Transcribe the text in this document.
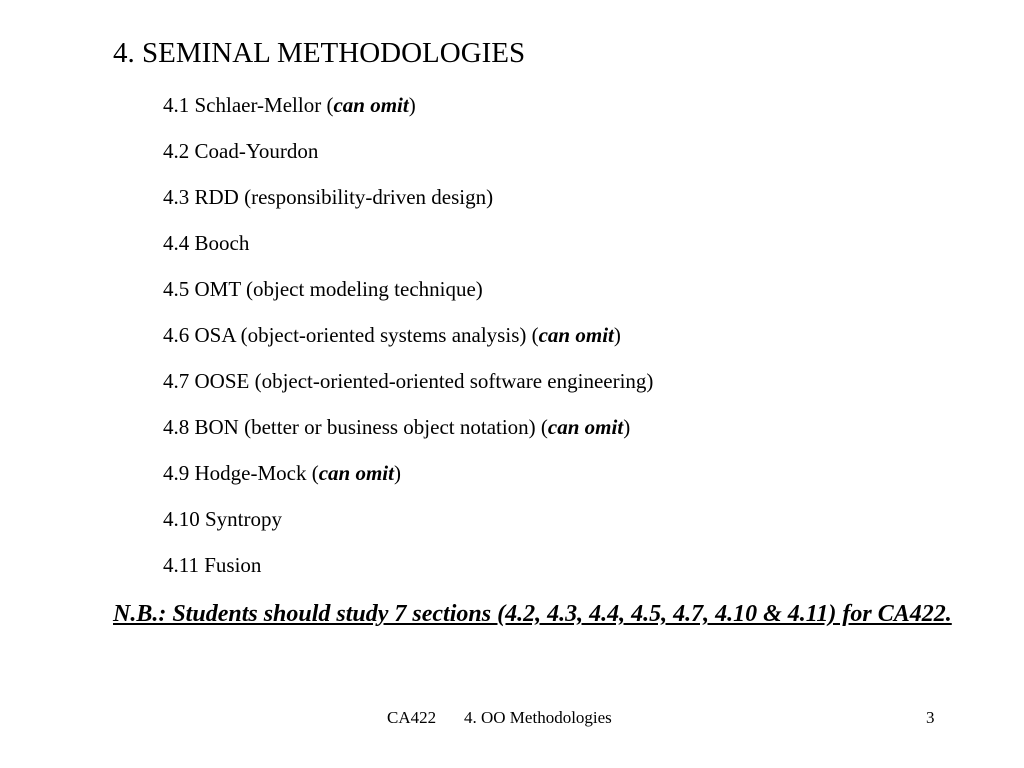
4. SEMINAL METHODOLOGIES
4.1 Schlaer-Mellor (can omit)
4.2 Coad-Yourdon
4.3 RDD (responsibility-driven design)
4.4 Booch
4.5 OMT (object modeling technique)
4.6 OSA (object-oriented systems analysis) (can omit)
4.7 OOSE (object-oriented-oriented software engineering)
4.8 BON (better or business object notation) (can omit)
4.9 Hodge-Mock (can omit)
4.10 Syntropy
4.11 Fusion

N.B.: Students should study 7 sections (4.2, 4.3, 4.4, 4.5, 4.7, 4.10 & 4.11) for CA422.

CA422 4. OO Methodologies	3
